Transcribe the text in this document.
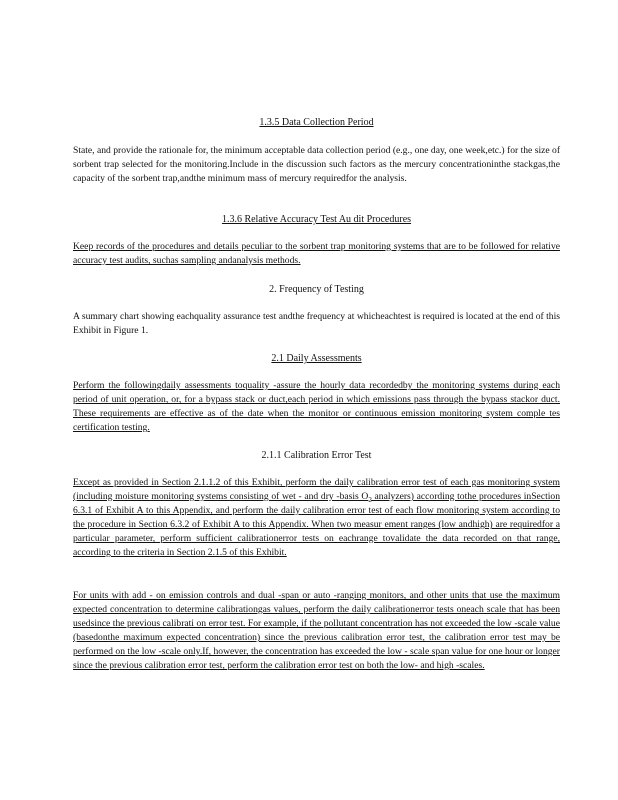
1.3.5 Data Collection Period

State, and provide the rationale for, the minimum acceptable data collection period (e.g., one day, one week,etc.) for the size of sorbent trap selected for the monitoring.Include in the discussion such factors as the mercury concentrationinthe stackgas,the capacity of the sorbent trap,andthe minimum mass of mercury requiredfor the analysis.

1.3.6 Relative Accuracy Test Au dit Procedures

Keep records of the procedures and details peculiar to the sorbent trap monitoring systems that are to be followed for relative accuracy test audits, suchas sampling andanalysis methods.

2. Frequency of Testing

A summary chart showing eachquality assurance test andthe frequency at whicheachtest is required is located at the end of this Exhibit in Figure 1.

2.1 Daily Assessments

Perform the followingdaily assessments toquality -assure the hourly data recordedby the monitoring systems during each period of unit operation, or, for a bypass stack or duct,each period in which emissions pass through the bypass stackor duct. These requirements are effective as of the date when the monitor or continuous emission monitoring system comple tes certification testing.

2.1.1 Calibration Error Test

Except as provided in Section 2.1.1.2 of this Exhibit, perform the daily calibration error test of each gas monitoring system (including moisture monitoring systems consisting of wet - and dry -basis $O_2$ analyzers) according tothe procedures inSection 6.3.1 of Exhibit A to this Appendix, and perform the daily calibration error test of each flow monitoring system according to the procedure in Section 6.3.2 of Exhibit A to this Appendix. When two measur ement ranges (low andhigh) are requiredfor a particular parameter, perform sufficient calibrationerror tests on eachrange tovalidate the data recorded on that range, according to the criteria in Section 2.1.5 of this Exhibit.

For units with add - on emission controls and dual -span or auto -ranging monitors, and other units that use the maximum expected concentration to determine calibrationgas values, perform the daily calibrationerror tests oneach scale that has been usedsince the previous calibrati on error test. For example, if the pollutant concentration has not exceeded the low -scale value (basedonthe maximum expected concentration) since the previous calibration error test, the calibration error test may be performed on the low -scale only.If, however, the concentration has exceeded the low - scale span value for one hour or longer since the previous calibration error test, perform the calibration error test on both the low- and high -scales.
